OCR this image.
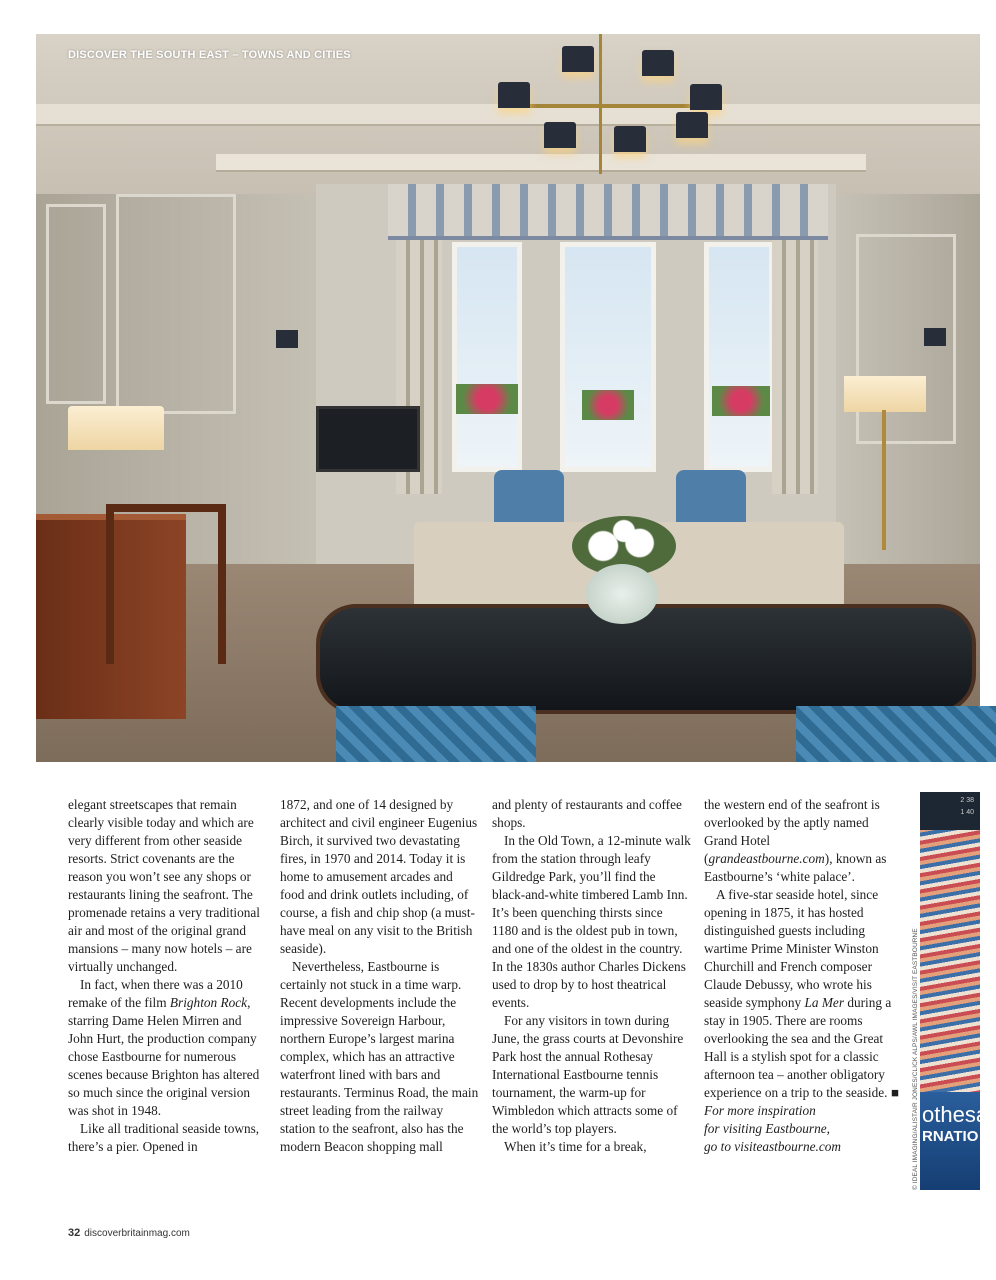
DISCOVER THE SOUTH EAST – TOWNS AND CITIES

elegant streetscapes that remain clearly visible today and which are very different from other seaside resorts. Strict covenants are the reason you won’t see any shops or restaurants lining the seafront. The promenade retains a very traditional air and most of the original grand mansions – many now hotels – are virtually unchanged.

In fact, when there was a 2010 remake of the film Brighton Rock, starring Dame Helen Mirren and John Hurt, the production company chose Eastbourne for numerous scenes because Brighton has altered so much since the original version was shot in 1948.

Like all traditional seaside towns, there’s a pier. Opened in

1872, and one of 14 designed by architect and civil engineer Eugenius Birch, it survived two devastating fires, in 1970 and 2014. Today it is home to amusement arcades and food and drink outlets including, of course, a fish and chip shop (a must-have meal on any visit to the British seaside).

Nevertheless, Eastbourne is certainly not stuck in a time warp. Recent developments include the impressive Sovereign Harbour, northern Europe’s largest marina complex, which has an attractive waterfront lined with bars and restaurants. Terminus Road, the main street leading from the railway station to the seafront, also has the modern Beacon shopping mall

and plenty of restaurants and coffee shops.

In the Old Town, a 12-minute walk from the station through leafy Gildredge Park, you’ll find the black-and-white timbered Lamb Inn. It’s been quenching thirsts since 1180 and is the oldest pub in town, and one of the oldest in the country. In the 1830s author Charles Dickens used to drop by to host theatrical events.

For any visitors in town during June, the grass courts at Devonshire Park host the annual Rothesay International Eastbourne tennis tournament, the warm-up for Wimbledon which attracts some of the world’s top players.

When it’s time for a break,

the western end of the seafront is overlooked by the aptly named Grand Hotel (grandeastbourne.com), known as Eastbourne’s ‘white palace’.

A five-star seaside hotel, since opening in 1875, it has hosted distinguished guests including wartime Prime Minister Winston Churchill and French composer Claude Debussy, who wrote his seaside symphony La Mer during a stay in 1905. There are rooms overlooking the sea and the Great Hall is a stylish spot for a classic afternoon tea – another obligatory experience on a trip to the seaside. ■

For more inspiration
for visiting Eastbourne,
go to visiteastbourne.com

2 38
1 40
othesa
RNATIO
© IDEAL IMAGING/ALISTAIR JONES/CLICK ALPS/AWL IMAGES/VISIT EASTBOURNE
32 discoverbritainmag.com
